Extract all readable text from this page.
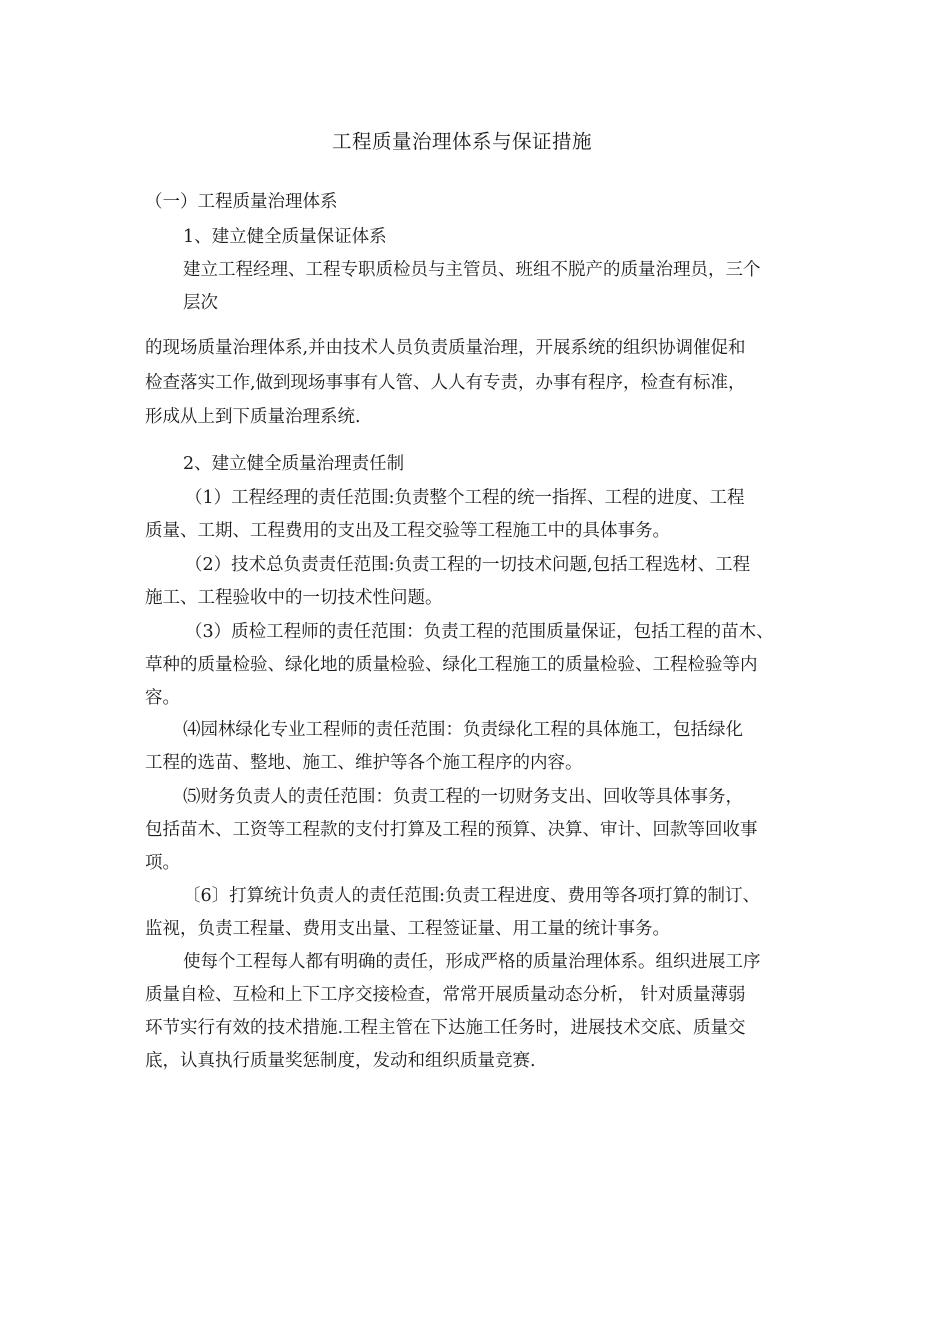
工程质量治理体系与保证措施

（一）工程质量治理体系

1、建立健全质量保证体系

建立工程经理、工程专职质检员与主管员、班组不脱产的质量治理员，三个

层次

的现场质量治理体系,并由技术人员负责质量治理，开展系统的组织协调催促和

检查落实工作,做到现场事事有人管、人人有专责，办事有程序，检查有标准，

形成从上到下质量治理系统.

2、建立健全质量治理责任制

（1）工程经理的责任范围:负责整个工程的统一指挥、工程的进度、工程

质量、工期、工程费用的支出及工程交验等工程施工中的具体事务。

（2）技术总负责责任范围:负责工程的一切技术问题,包括工程选材、工程

施工、工程验收中的一切技术性问题。

（3）质检工程师的责任范围：负责工程的范围质量保证，包括工程的苗木、

草种的质量检验、绿化地的质量检验、绿化工程施工的质量检验、工程检验等内

容。

⑷园林绿化专业工程师的责任范围：负责绿化工程的具体施工，包括绿化

工程的选苗、整地、施工、维护等各个施工程序的内容。

⑸财务负责人的责任范围：负责工程的一切财务支出、回收等具体事务，

包括苗木、工资等工程款的支付打算及工程的预算、决算、审计、回款等回收事

项。

〔6〕打算统计负责人的责任范围:负责工程进度、费用等各项打算的制订、

监视，负责工程量、费用支出量、工程签证量、用工量的统计事务。

使每个工程每人都有明确的责任，形成严格的质量治理体系。组织进展工序

质量自检、互检和上下工序交接检查，常常开展质量动态分析， 针对质量薄弱

环节实行有效的技术措施.工程主管在下达施工任务时，进展技术交底、质量交

底，认真执行质量奖惩制度，发动和组织质量竞赛.
